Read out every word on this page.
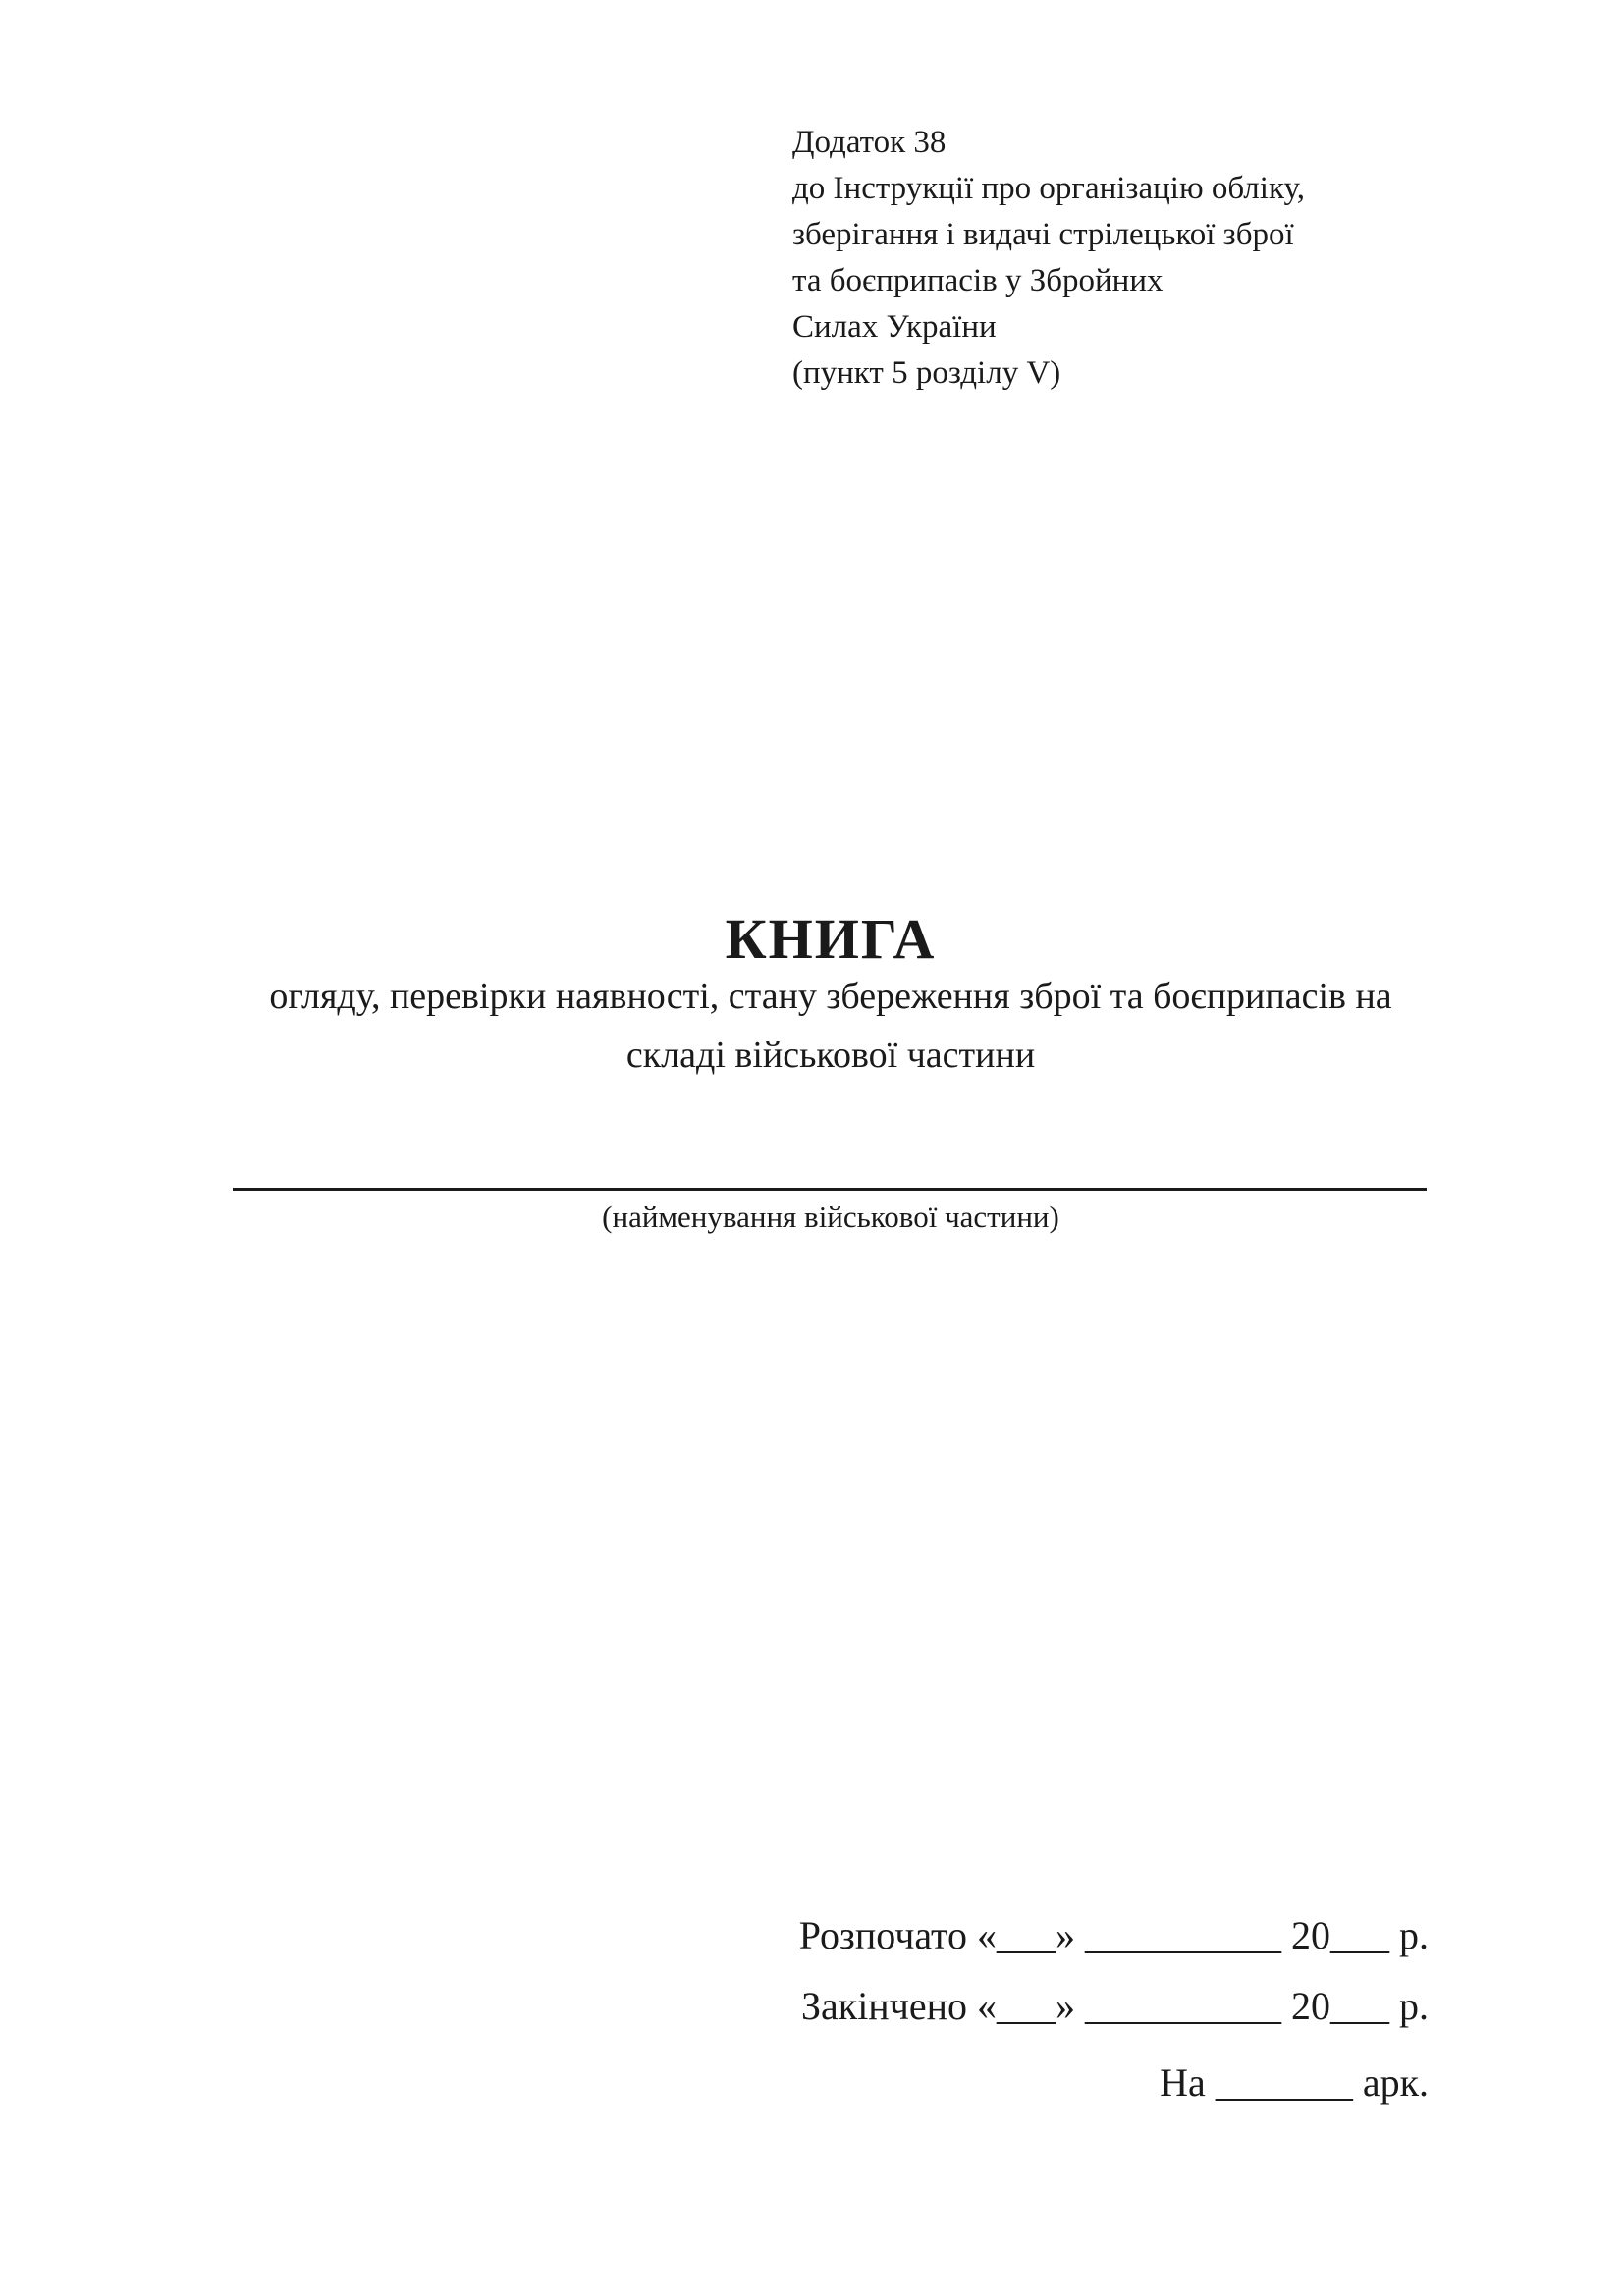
Додаток 38
до Інструкції про організацію обліку,
зберігання і видачі стрілецької зброї
та боєприпасів у Збройних
Силах України
(пункт 5 розділу V)
КНИГА
огляду, перевірки наявності, стану збереження зброї та боєприпасів на
складі військової частини
(найменування військової частини)
Розпочато «___» __________ 20___ р.
Закінчено «___» __________ 20___ р.
На _______ арк.
